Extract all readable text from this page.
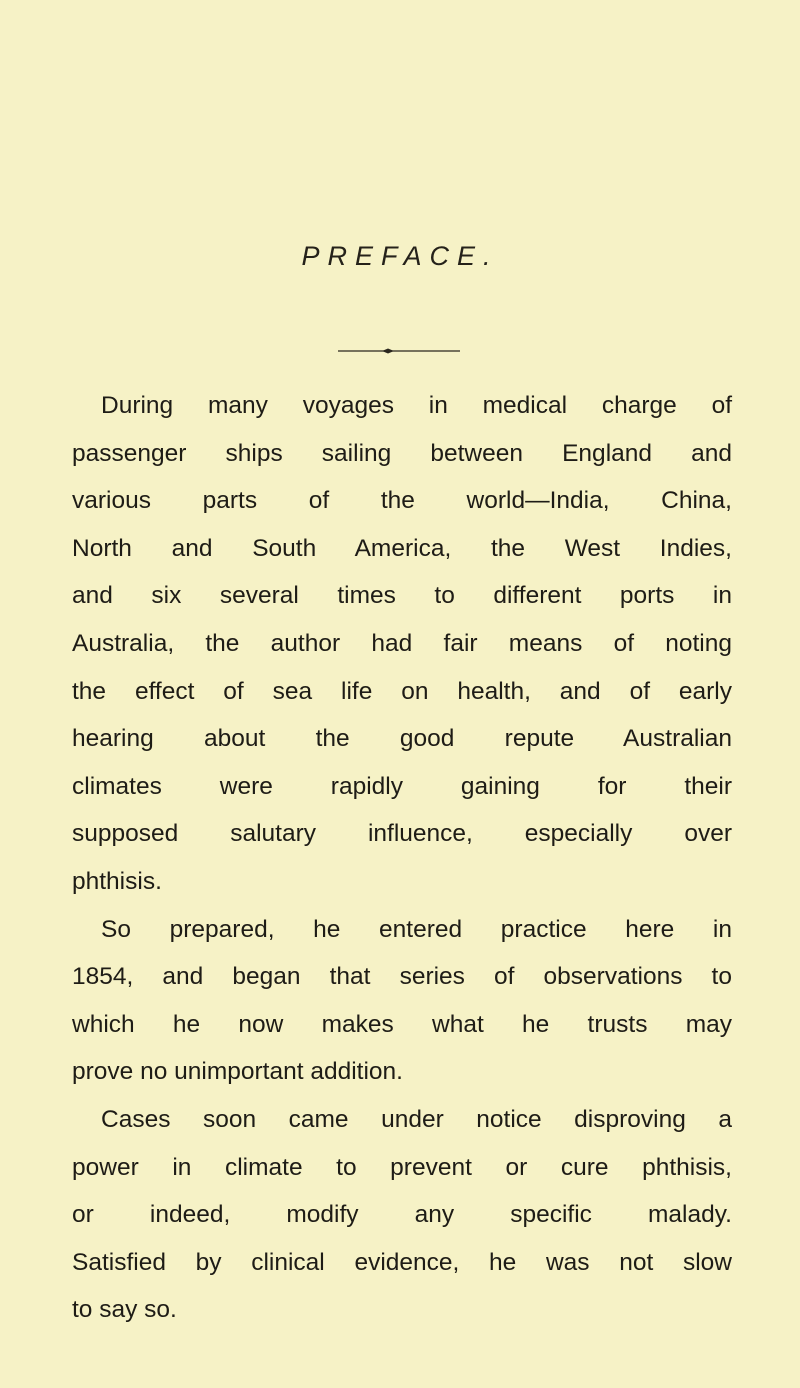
PREFACE.
During many voyages in medical charge of
passenger ships sailing between England and
various parts of the world—India, China,
North and South America, the West Indies,
and six several times to different ports in
Australia, the author had fair means of noting
the effect of sea life on health, and of early
hearing about the good repute Australian
climates were rapidly gaining for their
supposed salutary influence, especially over
phthisis.
So prepared, he entered practice here in
1854, and began that series of observations to
which he now makes what he trusts may
prove no unimportant addition.
Cases soon came under notice disproving a
power in climate to prevent or cure phthisis,
or indeed, modify any specific malady.
Satisfied by clinical evidence, he was not slow
to say so.
